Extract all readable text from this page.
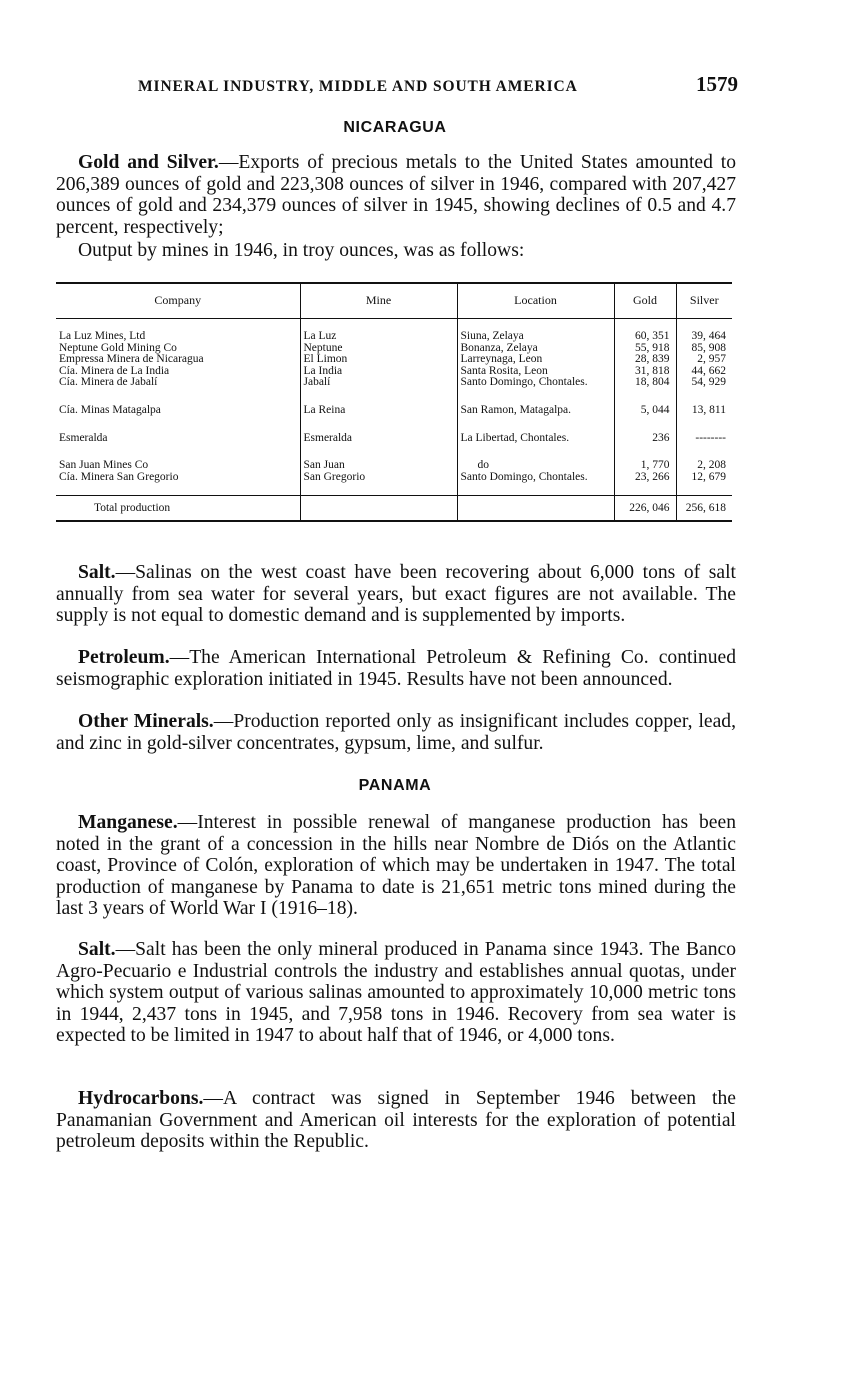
MINERAL INDUSTRY, MIDDLE AND SOUTH AMERICA	1579
NICARAGUA

Gold and Silver.—Exports of precious metals to the United States amounted to 206,389 ounces of gold and 223,308 ounces of silver in 1946, compared with 207,427 ounces of gold and 234,379 ounces of silver in 1945, showing declines of 0.5 and 4.7 percent, respectively;

Output by mines in 1946, in troy ounces, was as follows:

Company	Mine	Location	Gold	Silver

La Luz Mines, Ltd	La Luz	Siuna, Zelaya	60, 351	39, 464
Neptune Gold Mining Co	Neptune	Bonanza, Zelaya	55, 918	85, 908
Empressa Minera de Nicaragua	El Limon	Larreynaga, Leon	28, 839	2, 957
Cía. Minera de La India	La India	Santa Rosita, Leon	31, 818	44, 662
Cía. Minera de Jabalí	Jabalí	Santo Domingo, Chontales.	18, 804	54, 929

Cía. Minas Matagalpa	La Reina	San Ramon, Matagalpa.	5, 044	13, 811

Esmeralda	Esmeralda	La Libertad, Chontales.	236	--------

San Juan Mines Co	San Juan	do	1, 770	2, 208
Cía. Minera San Gregorio	San Gregorio	Santo Domingo, Chontales.	23, 266	12, 679

Total production			226, 046	256, 618

Salt.—Salinas on the west coast have been recovering about 6,000 tons of salt annually from sea water for several years, but exact figures are not available. The supply is not equal to domestic demand and is supplemented by imports.

Petroleum.—The American International Petroleum & Refining Co. continued seismographic exploration initiated in 1945. Results have not been announced.

Other Minerals.—Production reported only as insignificant includes copper, lead, and zinc in gold-silver concentrates, gypsum, lime, and sulfur.

PANAMA

Manganese.—Interest in possible renewal of manganese production has been noted in the grant of a concession in the hills near Nombre de Diós on the Atlantic coast, Province of Colón, exploration of which may be undertaken in 1947. The total production of manganese by Panama to date is 21,651 metric tons mined during the last 3 years of World War I (1916–18).

Salt.—Salt has been the only mineral produced in Panama since 1943. The Banco Agro-Pecuario e Industrial controls the industry and establishes annual quotas, under which system output of various salinas amounted to approximately 10,000 metric tons in 1944, 2,437 tons in 1945, and 7,958 tons in 1946. Recovery from sea water is expected to be limited in 1947 to about half that of 1946, or 4,000 tons.

Hydrocarbons.—A contract was signed in September 1946 between the Panamanian Government and American oil interests for the exploration of potential petroleum deposits within the Republic.
